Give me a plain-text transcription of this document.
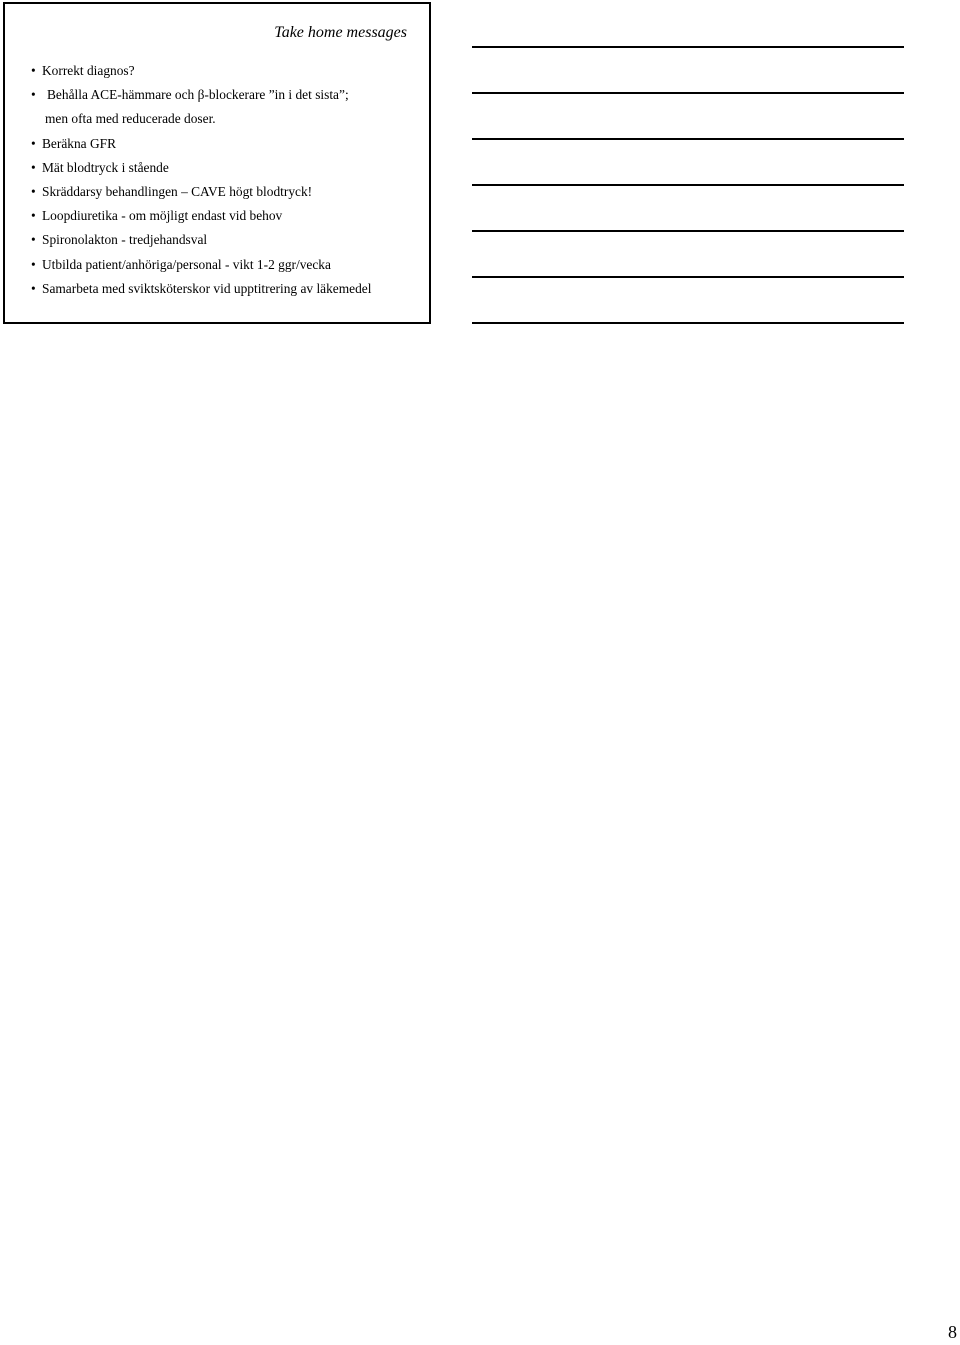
Take home messages
• Korrekt diagnos?
• Behålla ACE-hämmare och β-blockerare ”in i det sista”;
men ofta med reducerade doser.
• Beräkna GFR
• Mät blodtryck i stående
• Skräddarsy behandlingen – CAVE högt blodtryck!
• Loopdiuretika - om möjligt endast vid behov
• Spironolakton - tredjehandsval
• Utbilda patient/anhöriga/personal - vikt 1-2 ggr/vecka
• Samarbeta med sviktsköterskor vid upptitrering av läkemedel
8
